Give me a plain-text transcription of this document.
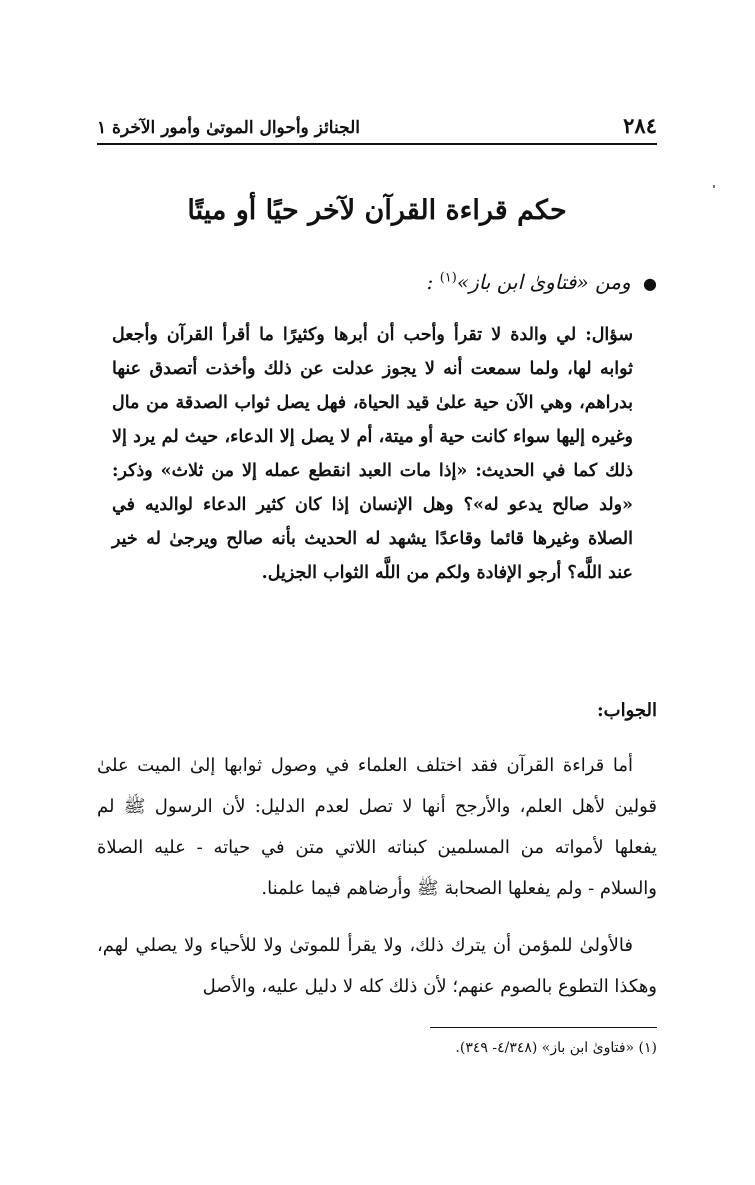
٢٨٤
الجنائز وأحوال الموتىٰ وأمور الآخرة ١
حكم قراءة القرآن لآخر حيًا أو ميتًا
● ومن «فتاوىٰ ابن باز»$^{(١)}$ :

سؤال: لي والدة لا تقرأ وأحب أن أبرها وكثيرًا ما أقرأ القرآن وأجعل ثوابه لها، ولما سمعت أنه لا يجوز عدلت عن ذلك وأخذت أتصدق عنها بدراهم، وهي الآن حية علىٰ قيد الحياة، فهل يصل ثواب الصدقة من مال وغيره إليها سواء كانت حية أو ميتة، أم لا يصل إلا الدعاء، حيث لم يرد إلا ذلك كما في الحديث: «إذا مات العبد انقطع عمله إلا من ثلاث» وذكر: «ولد صالح يدعو له»؟ وهل الإنسان إذا كان كثير الدعاء لوالديه في الصلاة وغيرها قائما وقاعدًا يشهد له الحديث بأنه صالح ويرجىٰ له خير عند اللَّه؟ أرجو الإفادة ولكم من اللَّه الثواب الجزيل.

الجواب:

أما قراءة القرآن فقد اختلف العلماء في وصول ثوابها إلىٰ الميت علىٰ قولين لأهل العلم، والأرجح أنها لا تصل لعدم الدليل: لأن الرسول ﷺ لم يفعلها لأمواته من المسلمين كبناته اللاتي متن في حياته - عليه الصلاة والسلام - ولم يفعلها الصحابة ﷺ وأرضاهم فيما علمنا.

فالأولىٰ للمؤمن أن يترك ذلك، ولا يقرأ للموتىٰ ولا للأحياء ولا يصلي لهم، وهكذا التطوع بالصوم عنهم؛ لأن ذلك كله لا دليل عليه، والأصل

(١) «فتاوىٰ ابن باز» (٤/٣٤٨- ٣٤٩).
